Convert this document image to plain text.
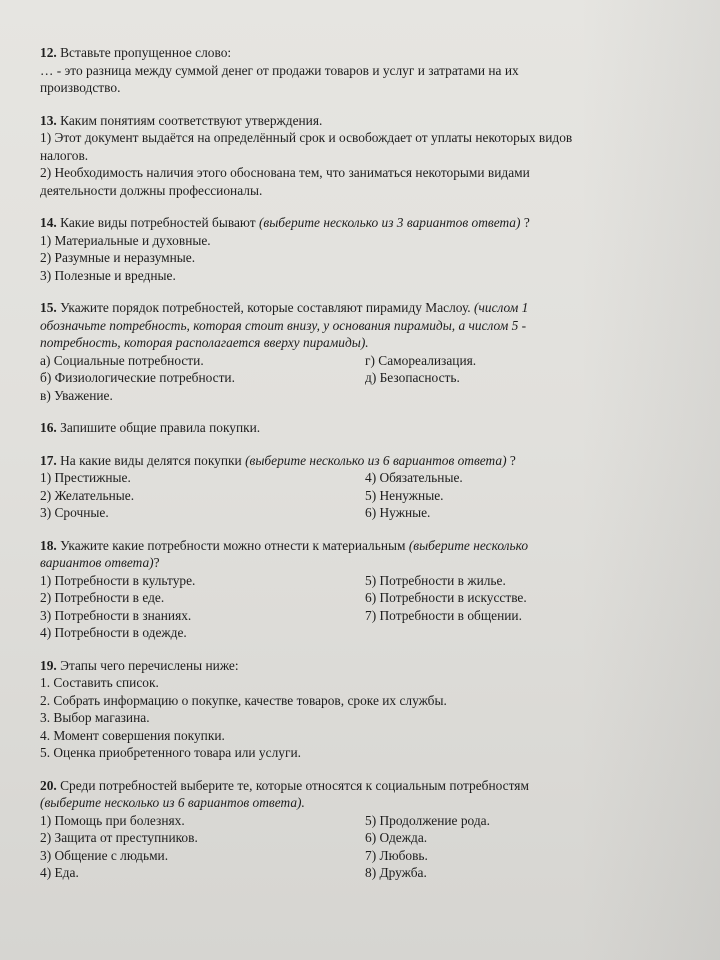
12. Вставьте пропущенное слово:
… - это разница между суммой денег от продажи товаров и услуг и затратами на их
производство.
13. Каким понятиям соответствуют утверждения.
1) Этот документ выдаётся на определённый срок и освобождает от уплаты некоторых видов
налогов.
2) Необходимость наличия этого обоснована тем, что заниматься некоторыми видами
деятельности должны профессионалы.
14. Какие виды потребностей бывают (выберите несколько из 3 вариантов ответа) ?
1) Материальные и духовные.
2) Разумные и неразумные.
3) Полезные и вредные.
15. Укажите порядок потребностей, которые составляют пирамиду Маслоу. (числом 1
обозначьте потребность, которая стоит внизу, у основания пирамиды, а числом 5 -
потребность, которая располагается вверху пирамиды).
а) Социальные потребности.
б) Физиологические потребности.
в) Уважение.
г) Самореализация.
д) Безопасность.
16. Запишите общие правила покупки.
17. На какие виды делятся покупки (выберите несколько из 6 вариантов ответа) ?
1) Престижные.
2) Желательные.
3) Срочные.
4) Обязательные.
5) Ненужные.
6) Нужные.
18. Укажите какие потребности можно отнести к материальным (выберите несколько
вариантов ответа)?
1) Потребности в культуре.
2) Потребности в еде.
3) Потребности в знаниях.
4) Потребности в одежде.
5) Потребности в жилье.
6) Потребности в искусстве.
7) Потребности в общении.
19. Этапы чего перечислены ниже:
1. Составить список.
2. Собрать информацию о покупке, качестве товаров, сроке их службы.
3. Выбор магазина.
4. Момент совершения покупки.
5. Оценка приобретенного товара или услуги.
20. Среди потребностей выберите те, которые относятся к социальным потребностям
(выберите несколько из 6 вариантов ответа).
1) Помощь при болезнях.
2) Защита от преступников.
3) Общение с людьми.
4) Еда.
5) Продолжение рода.
6) Одежда.
7) Любовь.
8) Дружба.
